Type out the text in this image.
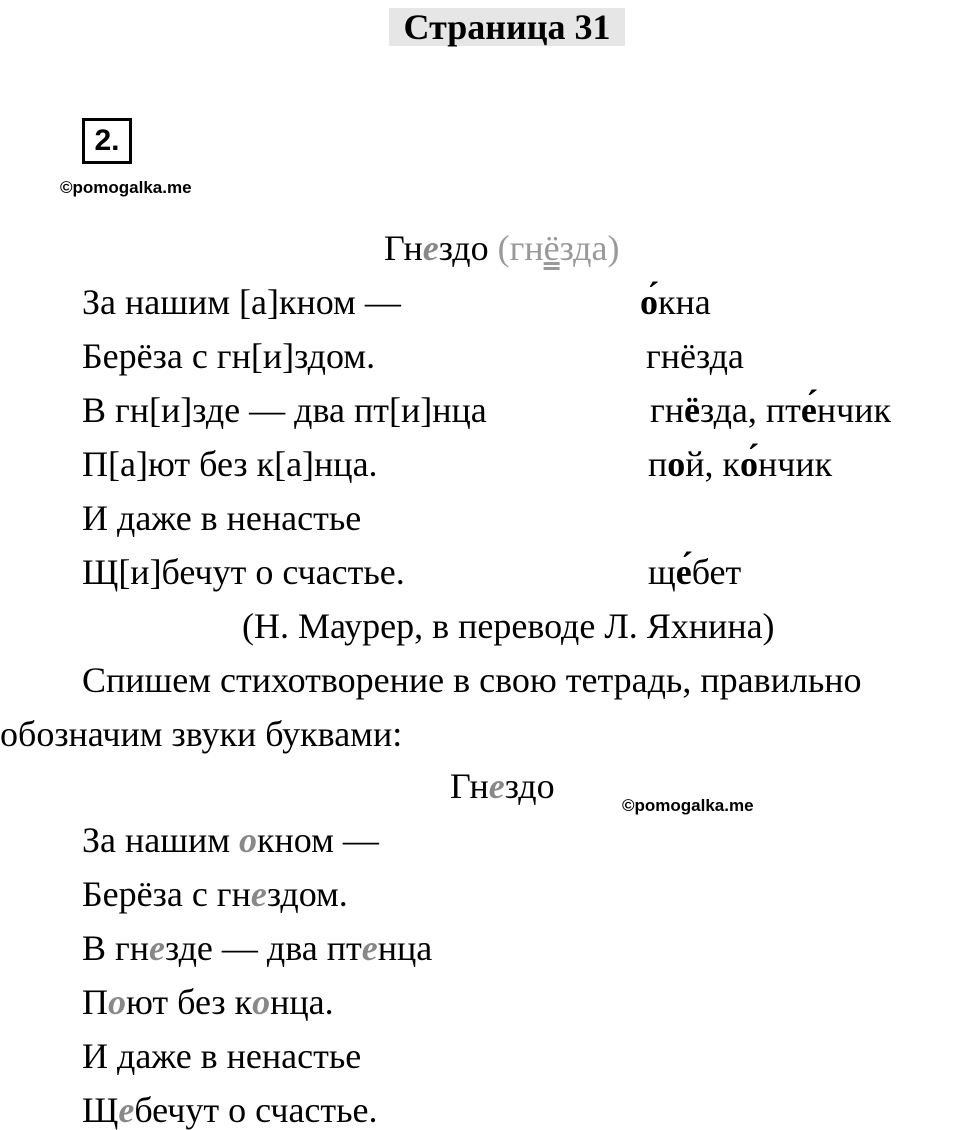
Страница 31
2.
©pomogalka.me
Гнездо (гнёзда)
За нашим [а]кном —
Берёза с гн[и]здом.
В гн[и]зде — два пт[и]нца
П[а]ют без к[а]нца.
И даже в ненастье
Щ[и]бечут о счастье.
о́кна
гнёзда
гнёзда, пте́нчик
пой, ко́нчик
ще́бет
(Н. Маурер, в переводе Л. Яхнина)
Спишем стихотворение в свою тетрадь, правильно
обозначим звуки буквами:
Гнездо	©pomogalka.me
За нашим окном —
Берёза с гнездом.
В гнезде — два птенца
Поют без конца.
И даже в ненастье
Щебечут о счастье.
